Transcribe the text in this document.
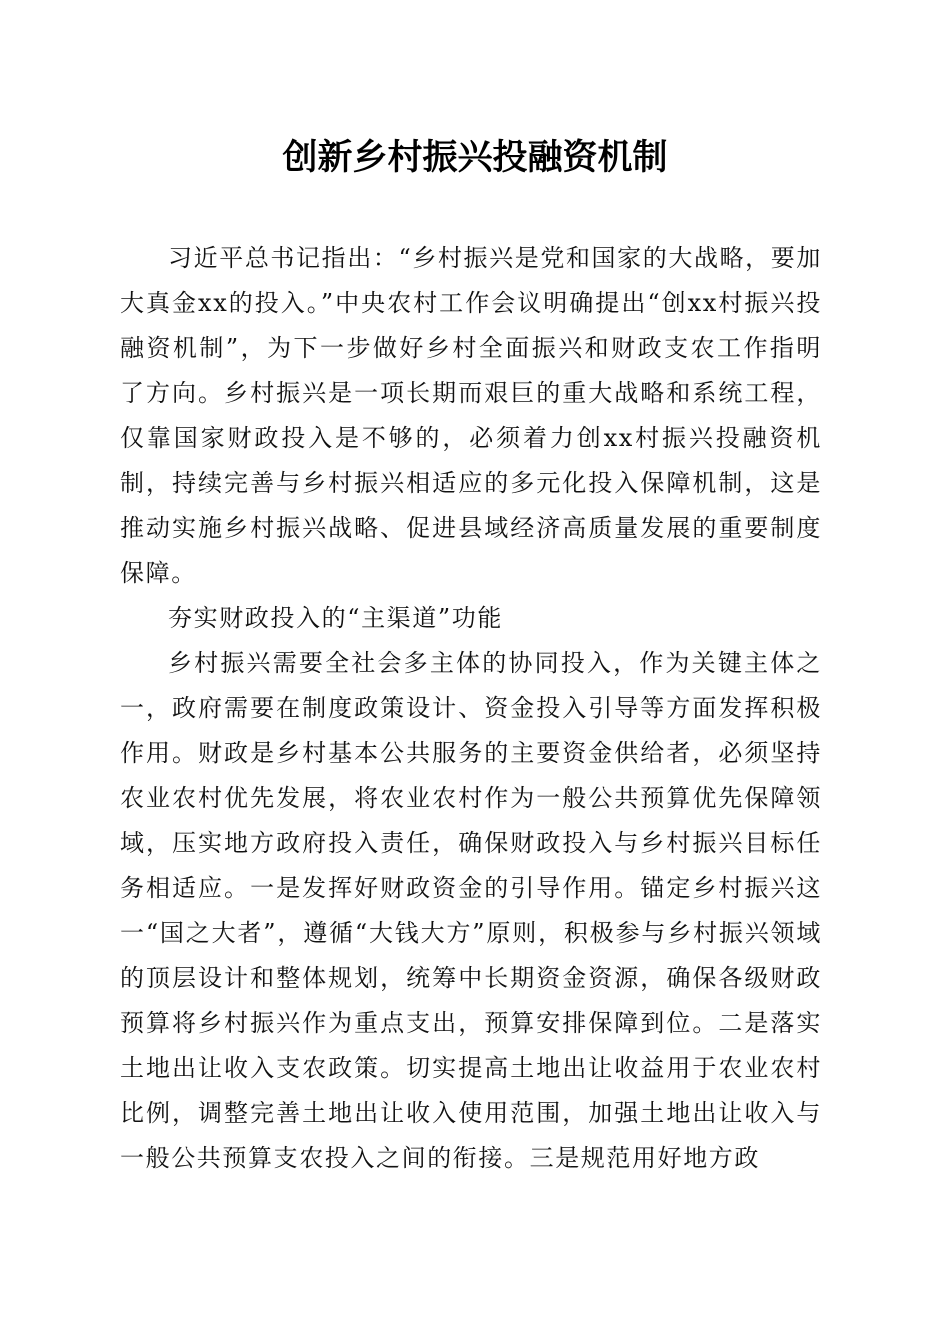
创新乡村振兴投融资机制

习近平总书记指出：“乡村振兴是党和国家的大战略，要加大真金xx的投入。”中央农村工作会议明确提出“创xx村振兴投融资机制”，为下一步做好乡村全面振兴和财政支农工作指明了方向。乡村振兴是一项长期而艰巨的重大战略和系统工程，仅靠国家财政投入是不够的，必须着力创xx村振兴投融资机制，持续完善与乡村振兴相适应的多元化投入保障机制，这是推动实施乡村振兴战略、促进县域经济高质量发展的重要制度保障。

夯实财政投入的“主渠道”功能

乡村振兴需要全社会多主体的协同投入，作为关键主体之一，政府需要在制度政策设计、资金投入引导等方面发挥积极作用。财政是乡村基本公共服务的主要资金供给者，必须坚持农业农村优先发展，将农业农村作为一般公共预算优先保障领域，压实地方政府投入责任，确保财政投入与乡村振兴目标任务相适应。一是发挥好财政资金的引导作用。锚定乡村振兴这一“国之大者”，遵循“大钱大方”原则，积极参与乡村振兴领域的顶层设计和整体规划，统筹中长期资金资源，确保各级财政预算将乡村振兴作为重点支出，预算安排保障到位。二是落实土地出让收入支农政策。切实提高土地出让收益用于农业农村比例，调整完善土地出让收入使用范围，加强土地出让收入与一般公共预算支农投入之间的衔接。三是规范用好地方政
